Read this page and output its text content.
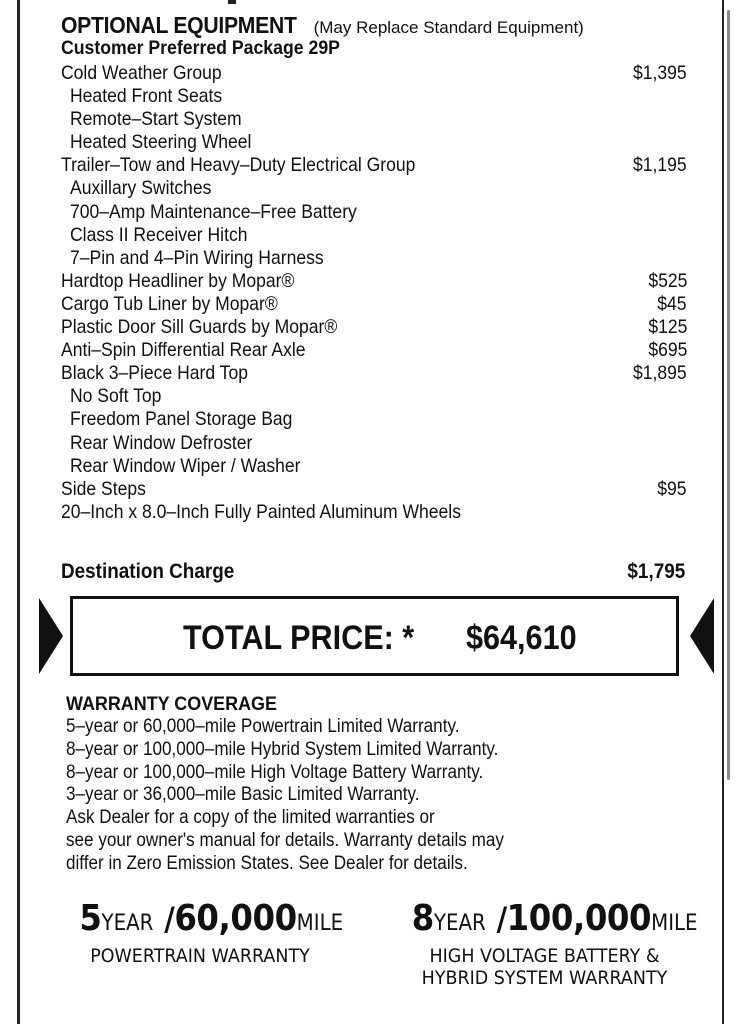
OPTIONAL EQUIPMENT (May Replace Standard Equipment)
Customer Preferred Package 29P
Cold Weather Group	$1,395
Heated Front Seats
Remote–Start System
Heated Steering Wheel
Trailer–Tow and Heavy–Duty Electrical Group	$1,195
Auxillary Switches
700–Amp Maintenance–Free Battery
Class II Receiver Hitch
7–Pin and 4–Pin Wiring Harness
Hardtop Headliner by Mopar®	$525
Cargo Tub Liner by Mopar®	$45
Plastic Door Sill Guards by Mopar®	$125
Anti–Spin Differential Rear Axle	$695
Black 3–Piece Hard Top	$1,895
No Soft Top
Freedom Panel Storage Bag
Rear Window Defroster
Rear Window Wiper / Washer
Side Steps	$95
20–Inch x 8.0–Inch Fully Painted Aluminum Wheels
Destination Charge	$1,795
TOTAL PRICE: * $64,610
WARRANTY COVERAGE
5–year or 60,000–mile Powertrain Limited Warranty.
8–year or 100,000–mile Hybrid System Limited Warranty.
8–year or 100,000–mile High Voltage Battery Warranty.
3–year or 36,000–mile Basic Limited Warranty.
Ask Dealer for a copy of the limited warranties or
see your owner's manual for details. Warranty details may
differ in Zero Emission States. See Dealer for details.
5YEAR /60,000MILE
POWERTRAIN WARRANTY
8YEAR /100,000MILE
HIGH VOLTAGE BATTERY &
HYBRID SYSTEM WARRANTY
